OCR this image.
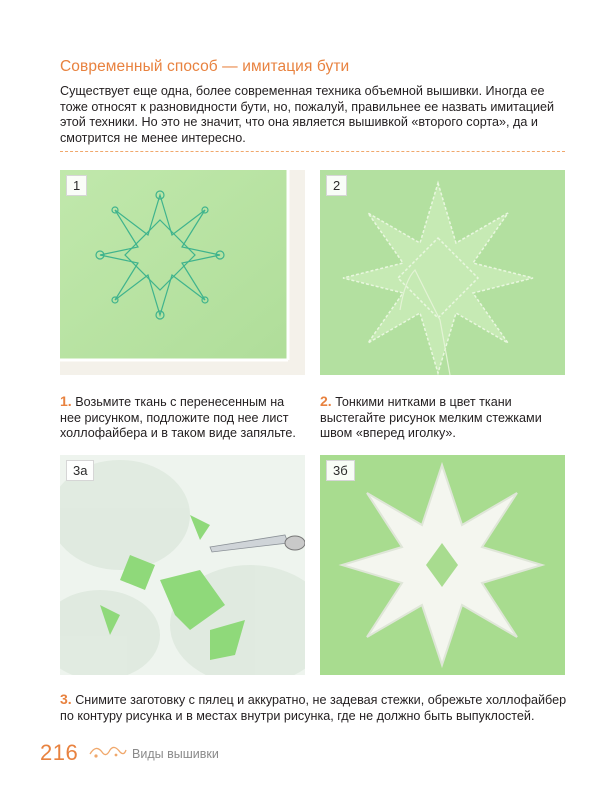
Современный способ — имитация бути

Существует еще одна, более современная техника объемной вышивки. Иногда ее тоже относят к разновидности бути, но, пожалуй, правильнее ее назвать имитацией этой техники. Но это не значит, что она является вышивкой «второго сорта», да и смотрится не менее интересно.

1	2

1. Возьмите ткань с перенесенным на нее рисунком, подложите под нее лист холлофайбера и в таком виде запяльте.

2. Тонкими нитками в цвет ткани выстегайте рисунок мелким стежками швом «вперед иголку».

3а	3б

3. Снимите заготовку с пялец и аккуратно, не задевая стежки, обрежьте холлофайбер по контуру рисунка и в местах внутри рисунка, где не должно быть выпуклостей.

216	Виды вышивки
